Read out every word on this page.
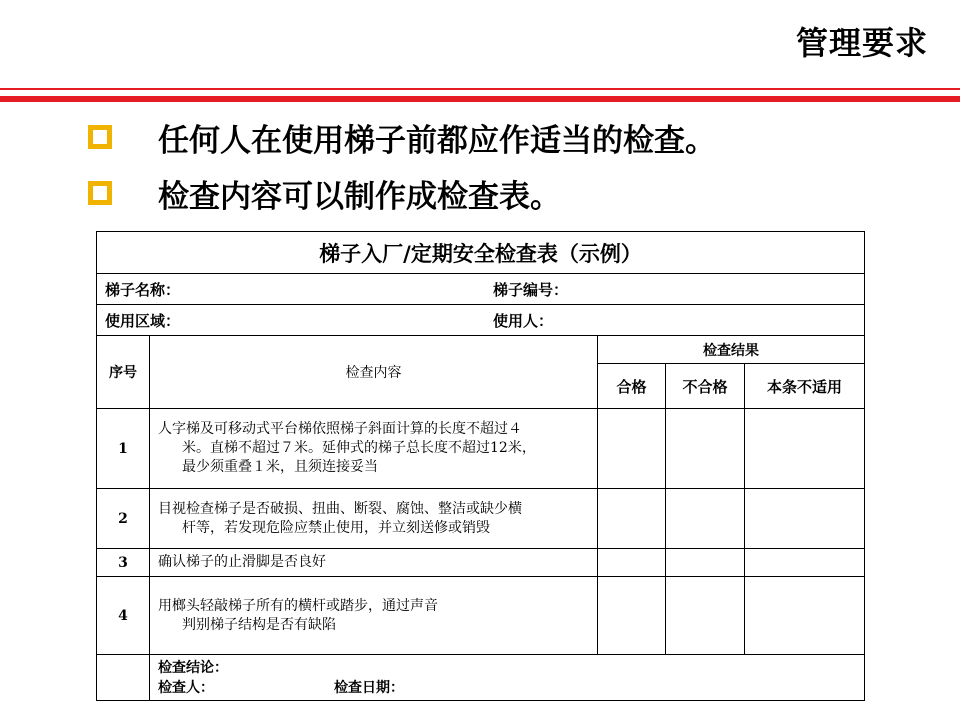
管理要求
任何人在使用梯子前都应作适当的检查。
检查内容可以制作成检查表。
梯子入厂/定期安全检查表（示例）				

梯子名称： 梯子编号：				

使用区域： 使用人：				

序号	检查内容	检查结果		
		合格	不合格	本条不适用
1	人字梯及可移动式平台梯依照梯子斜面计算的长度不超过４
米。直梯不超过７米。延伸式的梯子总长度不超过12米，
最少须重叠１米，且须连接妥当			

2	目视检查梯子是否破损、扭曲、断裂、腐蚀、整洁或缺少横
杆等，若发现危险应禁止使用，并立刻送修或销毁			

3	确认梯子的止滑脚是否良好			

4	用榔头轻敲梯子所有的横杆或踏步，通过声音
判别梯子结构是否有缺陷			

	检查结论：
检查人： 检查日期：			
